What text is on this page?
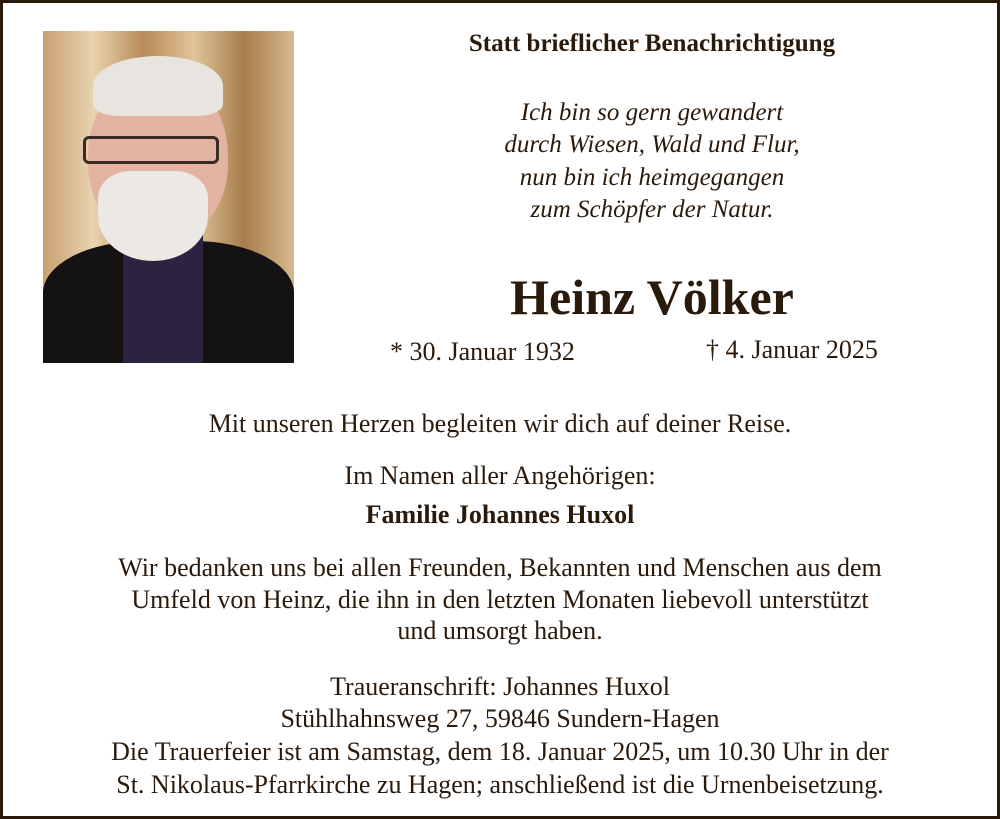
Statt brieflicher Benachrichtigung
Ich bin so gern gewandert
durch Wiesen, Wald und Flur,
nun bin ich heimgegangen
zum Schöpfer der Natur.
Heinz Völker
* 30. Januar 1932	† 4. Januar 2025
Mit unseren Herzen begleiten wir dich auf deiner Reise.
Im Namen aller Angehörigen:
Familie Johannes Huxol
Wir bedanken uns bei allen Freunden, Bekannten und Menschen aus dem
Umfeld von Heinz, die ihn in den letzten Monaten liebevoll unterstützt
und umsorgt haben.
Traueranschrift: Johannes Huxol
Stühlhahnsweg 27, 59846 Sundern-Hagen
Die Trauerfeier ist am Samstag, dem 18. Januar 2025, um 10.30 Uhr in der
St. Nikolaus-Pfarrkirche zu Hagen; anschließend ist die Urnenbeisetzung.
